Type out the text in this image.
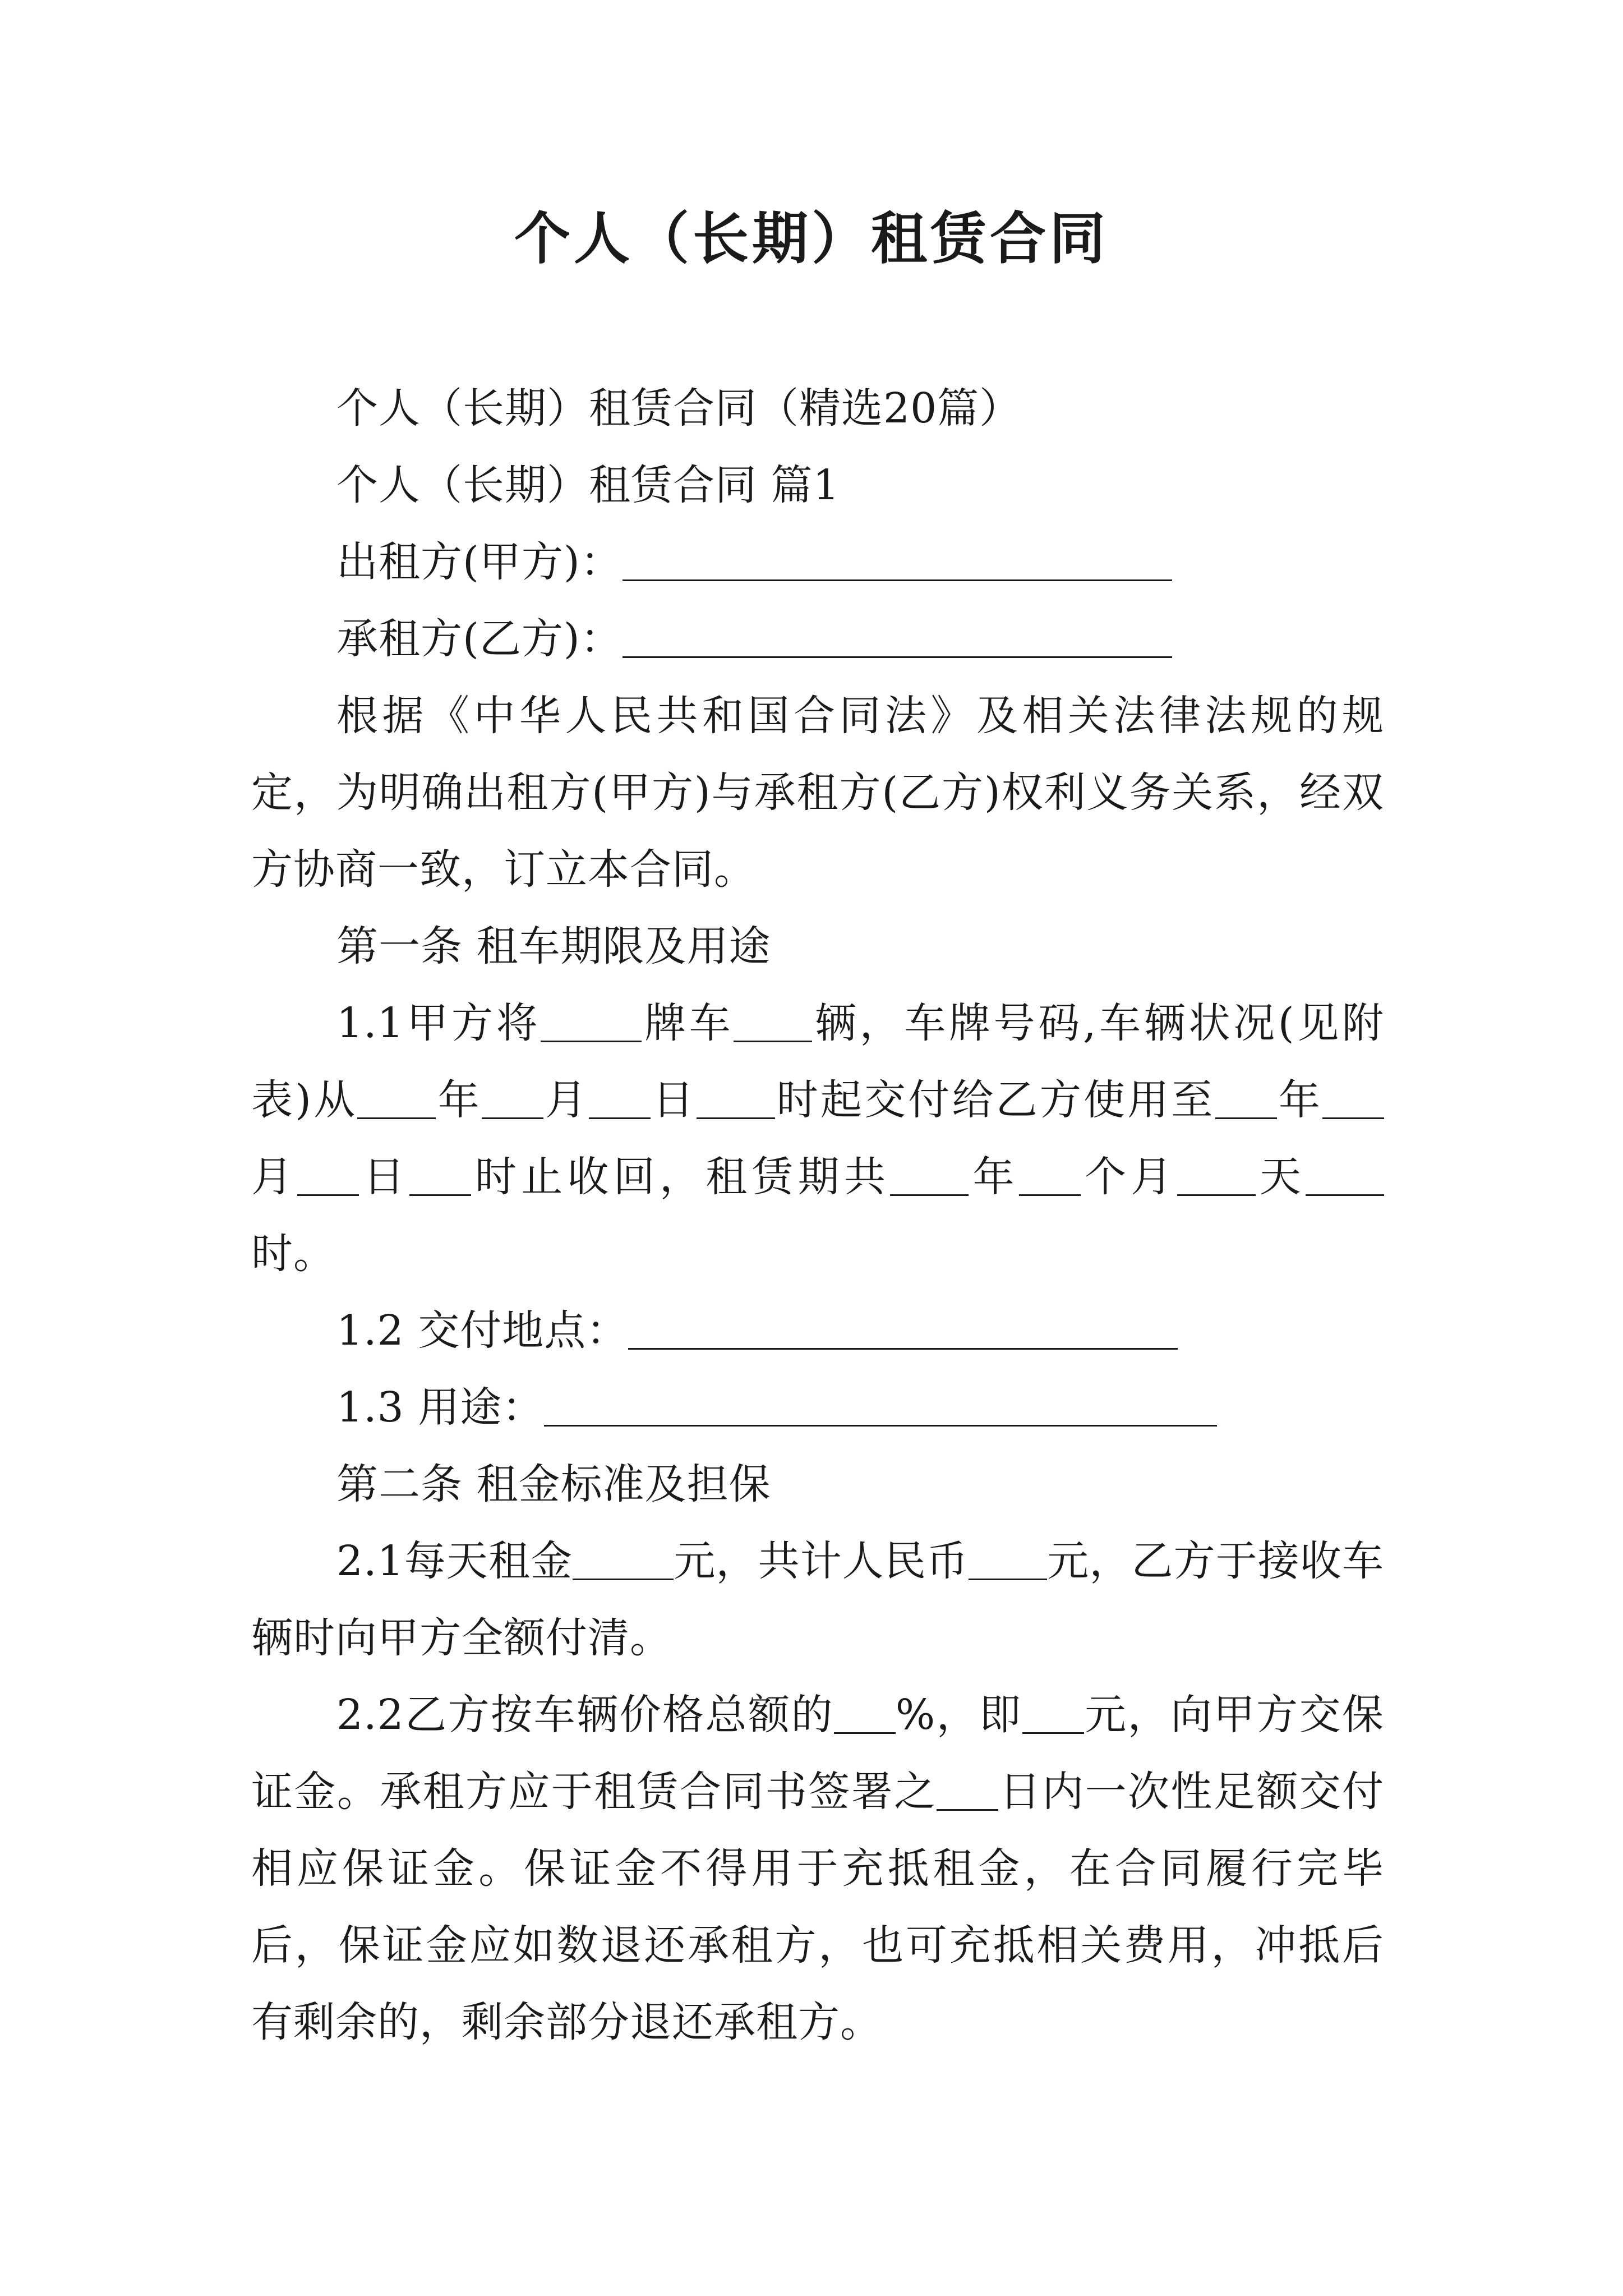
个人（长期）租赁合同

个人（长期）租赁合同（精选20篇）

个人（长期）租赁合同 篇1

出租方(甲方)：

承租方(乙方)：

根据《中华人民共和国合同法》及相关法律法规的规定，为明确出租方(甲方)与承租方(乙方)权利义务关系，经双方协商一致，订立本合同。

第一条 租车期限及用途

1.1甲方将 牌车 辆，车牌号码,车辆状况(见附表)从 年 月 日 时起交付给乙方使用至 年月 日 时止收回，租赁期共 年 个月 天时。

1.2 交付地点：

1.3 用途：

第二条 租金标准及担保

2.1每天租金 元，共计人民币 元，乙方于接收车辆时向甲方全额付清。

2.2乙方按车辆价格总额的 %，即 元，向甲方交保证金。承租方应于租赁合同书签署之 日内一次性足额交付相应保证金。保证金不得用于充抵租金，在合同履行完毕后，保证金应如数退还承租方，也可充抵相关费用，冲抵后有剩余的，剩余部分退还承租方。
